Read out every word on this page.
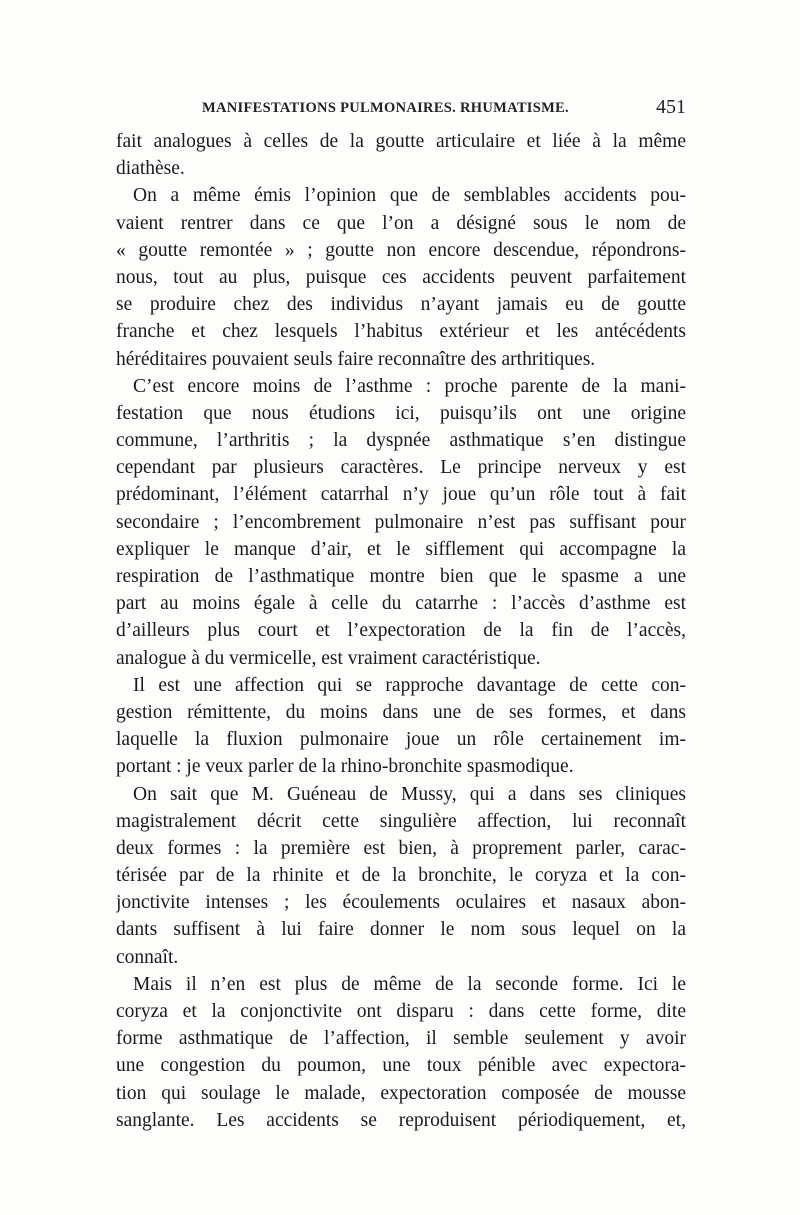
MANIFESTATIONS PULMONAIRES. RHUMATISME.	451
fait analogues à celles de la goutte articulaire et liée à la même
diathèse.
On a même émis l’opinion que de semblables accidents pou-
vaient rentrer dans ce que l’on a désigné sous le nom de
« goutte remontée » ; goutte non encore descendue, répondrons-
nous, tout au plus, puisque ces accidents peuvent parfaitement
se produire chez des individus n’ayant jamais eu de goutte
franche et chez lesquels l’habitus extérieur et les antécédents
héréditaires pouvaient seuls faire reconnaître des arthritiques.
C’est encore moins de l’asthme : proche parente de la mani-
festation que nous étudions ici, puisqu’ils ont une origine
commune, l’arthritis ; la dyspnée asthmatique s’en distingue
cependant par plusieurs caractères. Le principe nerveux y est
prédominant, l’élément catarrhal n’y joue qu’un rôle tout à fait
secondaire ; l’encombrement pulmonaire n’est pas suffisant pour
expliquer le manque d’air, et le sifflement qui accompagne la
respiration de l’asthmatique montre bien que le spasme a une
part au moins égale à celle du catarrhe : l’accès d’asthme est
d’ailleurs plus court et l’expectoration de la fin de l’accès,
analogue à du vermicelle, est vraiment caractéristique.
Il est une affection qui se rapproche davantage de cette con-
gestion rémittente, du moins dans une de ses formes, et dans
laquelle la fluxion pulmonaire joue un rôle certainement im-
portant : je veux parler de la rhino-bronchite spasmodique.
On sait que M. Guéneau de Mussy, qui a dans ses cliniques
magistralement décrit cette singulière affection, lui reconnaît
deux formes : la première est bien, à proprement parler, carac-
térisée par de la rhinite et de la bronchite, le coryza et la con-
jonctivite intenses ; les écoulements oculaires et nasaux abon-
dants suffisent à lui faire donner le nom sous lequel on la
connaît.
Mais il n’en est plus de même de la seconde forme. Ici le
coryza et la conjonctivite ont disparu : dans cette forme, dite
forme asthmatique de l’affection, il semble seulement y avoir
une congestion du poumon, une toux pénible avec expectora-
tion qui soulage le malade, expectoration composée de mousse
sanglante. Les accidents se reproduisent périodiquement, et,
